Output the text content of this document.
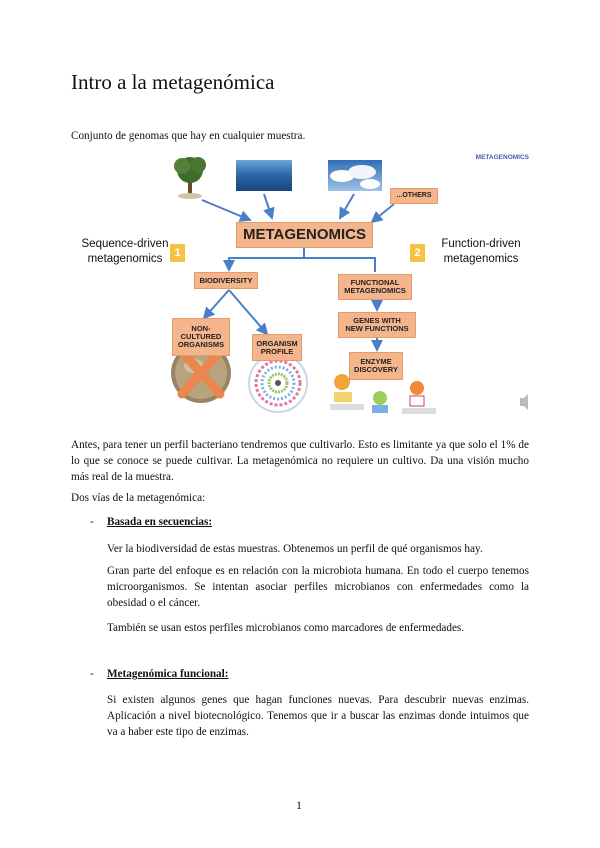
Intro a la metagenómica
Conjunto de genomas que hay en cualquier muestra.
METAGENOMICS
METAGENOMICS
...OTHERS
Sequence-driven
metagenomics	1	2
Function-driven
metagenomics
BIODIVERSITY	FUNCTIONAL
METAGENOMICS
NON-
CULTURED
ORGANISMS	ORGANISM
PROFILE
GENES WITH
NEW FUNCTIONS
ENZYME
DISCOVERY
Antes, para tener un perfil bacteriano tendremos que cultivarlo. Esto es limitante ya que solo el 1% de lo que se conoce se puede cultivar. La metagenómica no requiere un cultivo. Da una visión mucho más real de la muestra.
Dos vías de la metagenómica:
- Basada en secuencias:
Ver la biodiversidad de estas muestras. Obtenemos un perfil de qué organismos hay.
Gran parte del enfoque es en relación con la microbiota humana. En todo el cuerpo tenemos microorganismos. Se intentan asociar perfiles microbianos con enfermedades como la obesidad o el cáncer.
También se usan estos perfiles microbianos como marcadores de enfermedades.
- Metagenómica funcional:
Si existen algunos genes que hagan funciones nuevas. Para descubrir nuevas enzimas. Aplicación a nivel biotecnológico. Tenemos que ir a buscar las enzimas donde intuimos que va a haber este tipo de enzimas.
1
